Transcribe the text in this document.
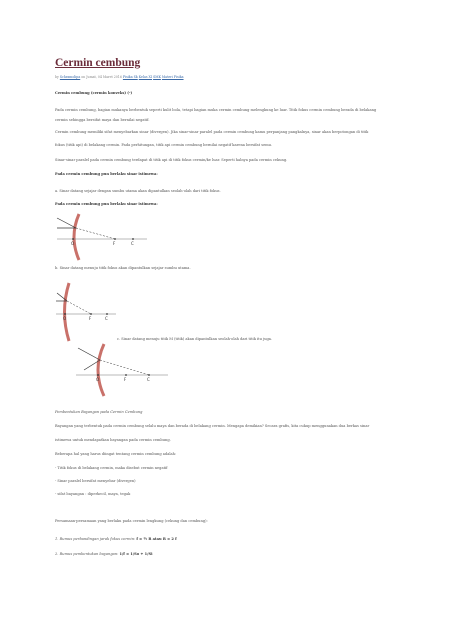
Cermin cembung
by Schramolipa on Jumat, 04 Maret 2016 Fisika Sk Kelas XI SMK Materi Fisika

Cermin cembung (cermin konveks) (-)

Pada cermin cembung, bagian mukanya berbentuk seperti kulit bola, tetapi bagian muka cermin cembung melengkung ke luar. Titik fokus cermin cembung berada di belakang

cermin sehingga bersifat maya dan bernilai negatif.

Cermin cembung memiliki sifat menyebarkan sinar (divergen). Jika sinar-sinar paralel pada cermin cembung kamu perpanjang pangkalnya, sinar akan berpotongan di titik

fokus (titik api) di belakang cermin. Pada perhitungan, titik api cermin cembung bernilai negatif karena bersifat semu.

Sinar-sinar paralel pada cermin cembung terdapat di titik api di titik fokus cermin/ke luar. Seperti halnya pada cermin cekung.

Pada cermin cembung pun berlaku sinar istimewa:

a. Sinar datang sejajar dengan sumbu utama akan dipantulkan seolah-olah dari titik fokus.

Pada cermin cembung pun berlaku sinar istimewa:

O	F	C

b. Sinar datang menuju titik fokus akan dipantulkan sejajar sumbu utama.

O	F	C

c. Sinar datang menuju titik M (titik) akan dipantulkan seolah-olah dari titik itu juga.

O	F	C

Pembentukan Bayangan pada Cermin Cembung

Bayangan yang terbentuk pada cermin cembung selalu maya dan berada di belakang cermin. Mengapa demikian? Secara grafis, kita cukup menggunakan dua berkas sinar

istimewa untuk mendapatkan bayangan pada cermin cembung.

Beberapa hal yang harus diingat tentang cermin cembung adalah:

- Titik fokus di belakang cermin, maka disebut cermin negatif

- Sinar paralel bersifat menyebar (divergen)

- sifat bayangan : diperkecil, maya, tegak

Persamaan-persamaan yang berlaku pada cermin lengkung (cekung dan cembung):

1. Rumus perbandingan jarak fokus cermin: f = ½ R atau R = 2 f

2. Rumus pembentukan bayangan: 1/f = 1/So + 1/Si
